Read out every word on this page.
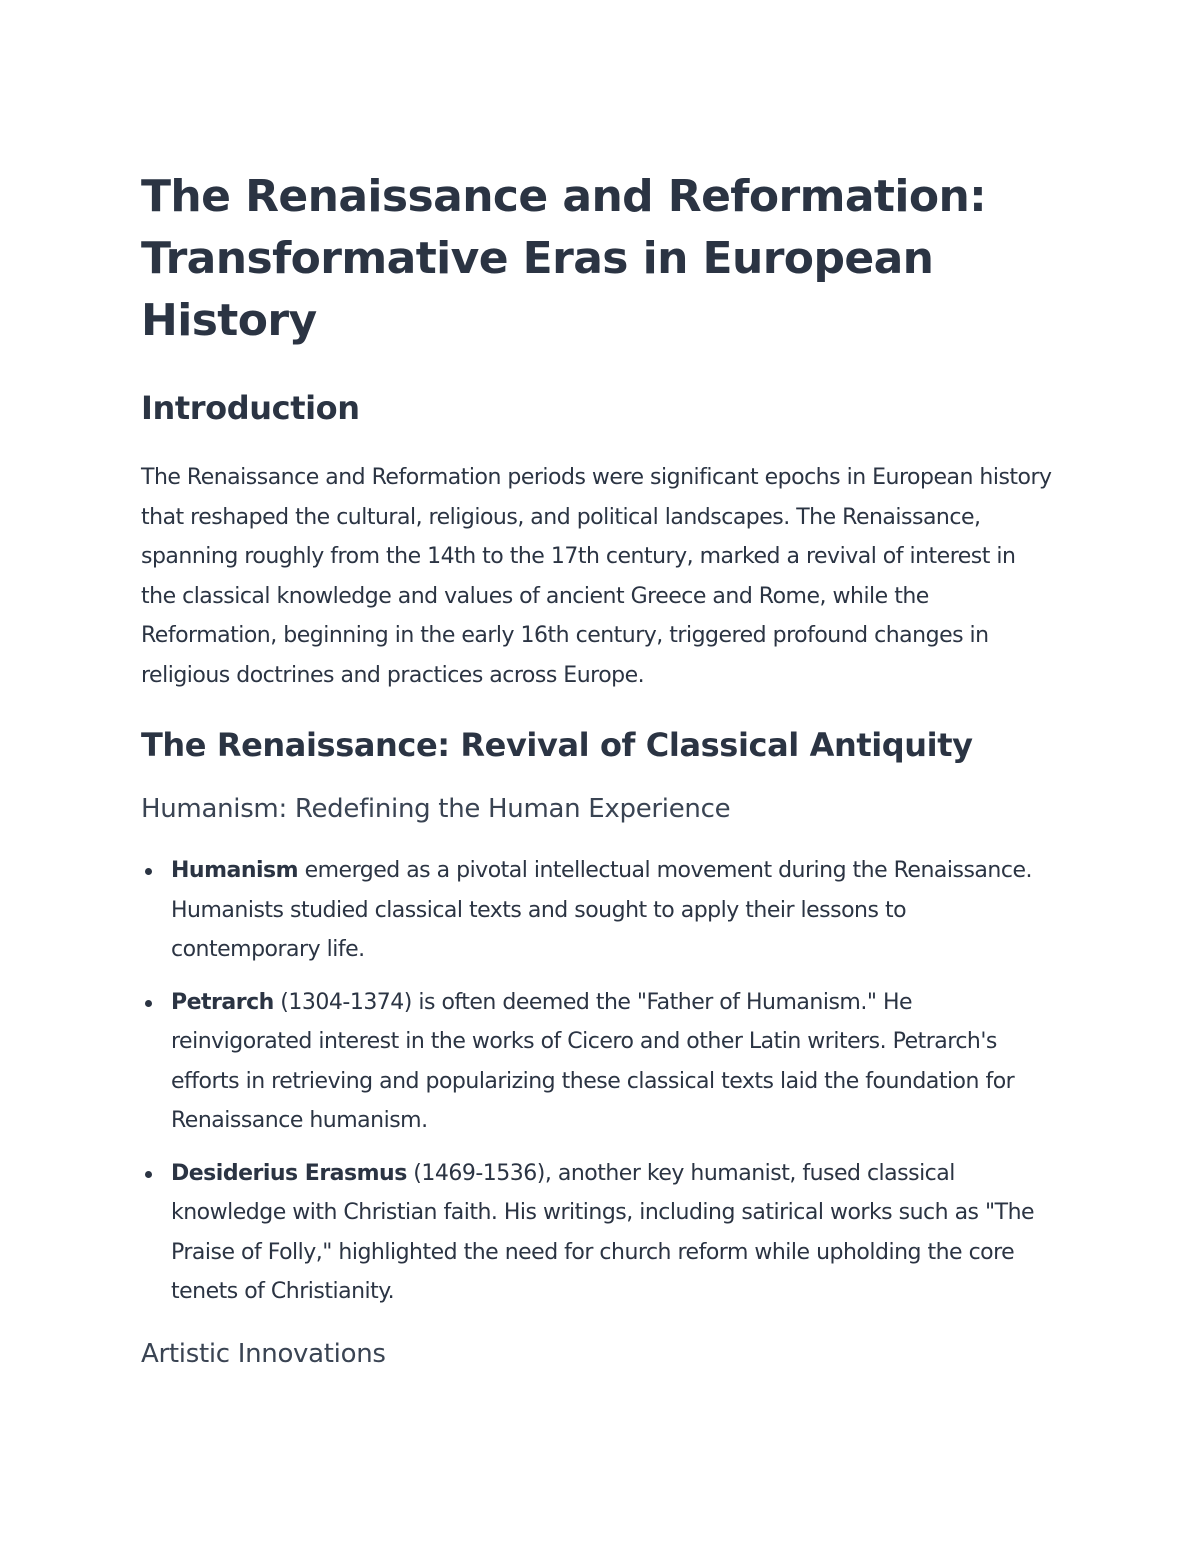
The Renaissance and Reformation: Transformative Eras in European History
Introduction

The Renaissance and Reformation periods were significant epochs in European history that reshaped the cultural, religious, and political landscapes. The Renaissance, spanning roughly from the 14th to the 17th century, marked a revival of interest in the classical knowledge and values of ancient Greece and Rome, while the Reformation, beginning in the early 16th century, triggered profound changes in religious doctrines and practices across Europe.

The Renaissance: Revival of Classical Antiquity
Humanism: Redefining the Human Experience
Humanism emerged as a pivotal intellectual movement during the Renaissance. Humanists studied classical texts and sought to apply their lessons to contemporary life.
Petrarch (1304-1374) is often deemed the "Father of Humanism." He reinvigorated interest in the works of Cicero and other Latin writers. Petrarch's efforts in retrieving and popularizing these classical texts laid the foundation for Renaissance humanism.
Desiderius Erasmus (1469-1536), another key humanist, fused classical knowledge with Christian faith. His writings, including satirical works such as "The Praise of Folly," highlighted the need for church reform while upholding the core tenets of Christianity.
Artistic Innovations
